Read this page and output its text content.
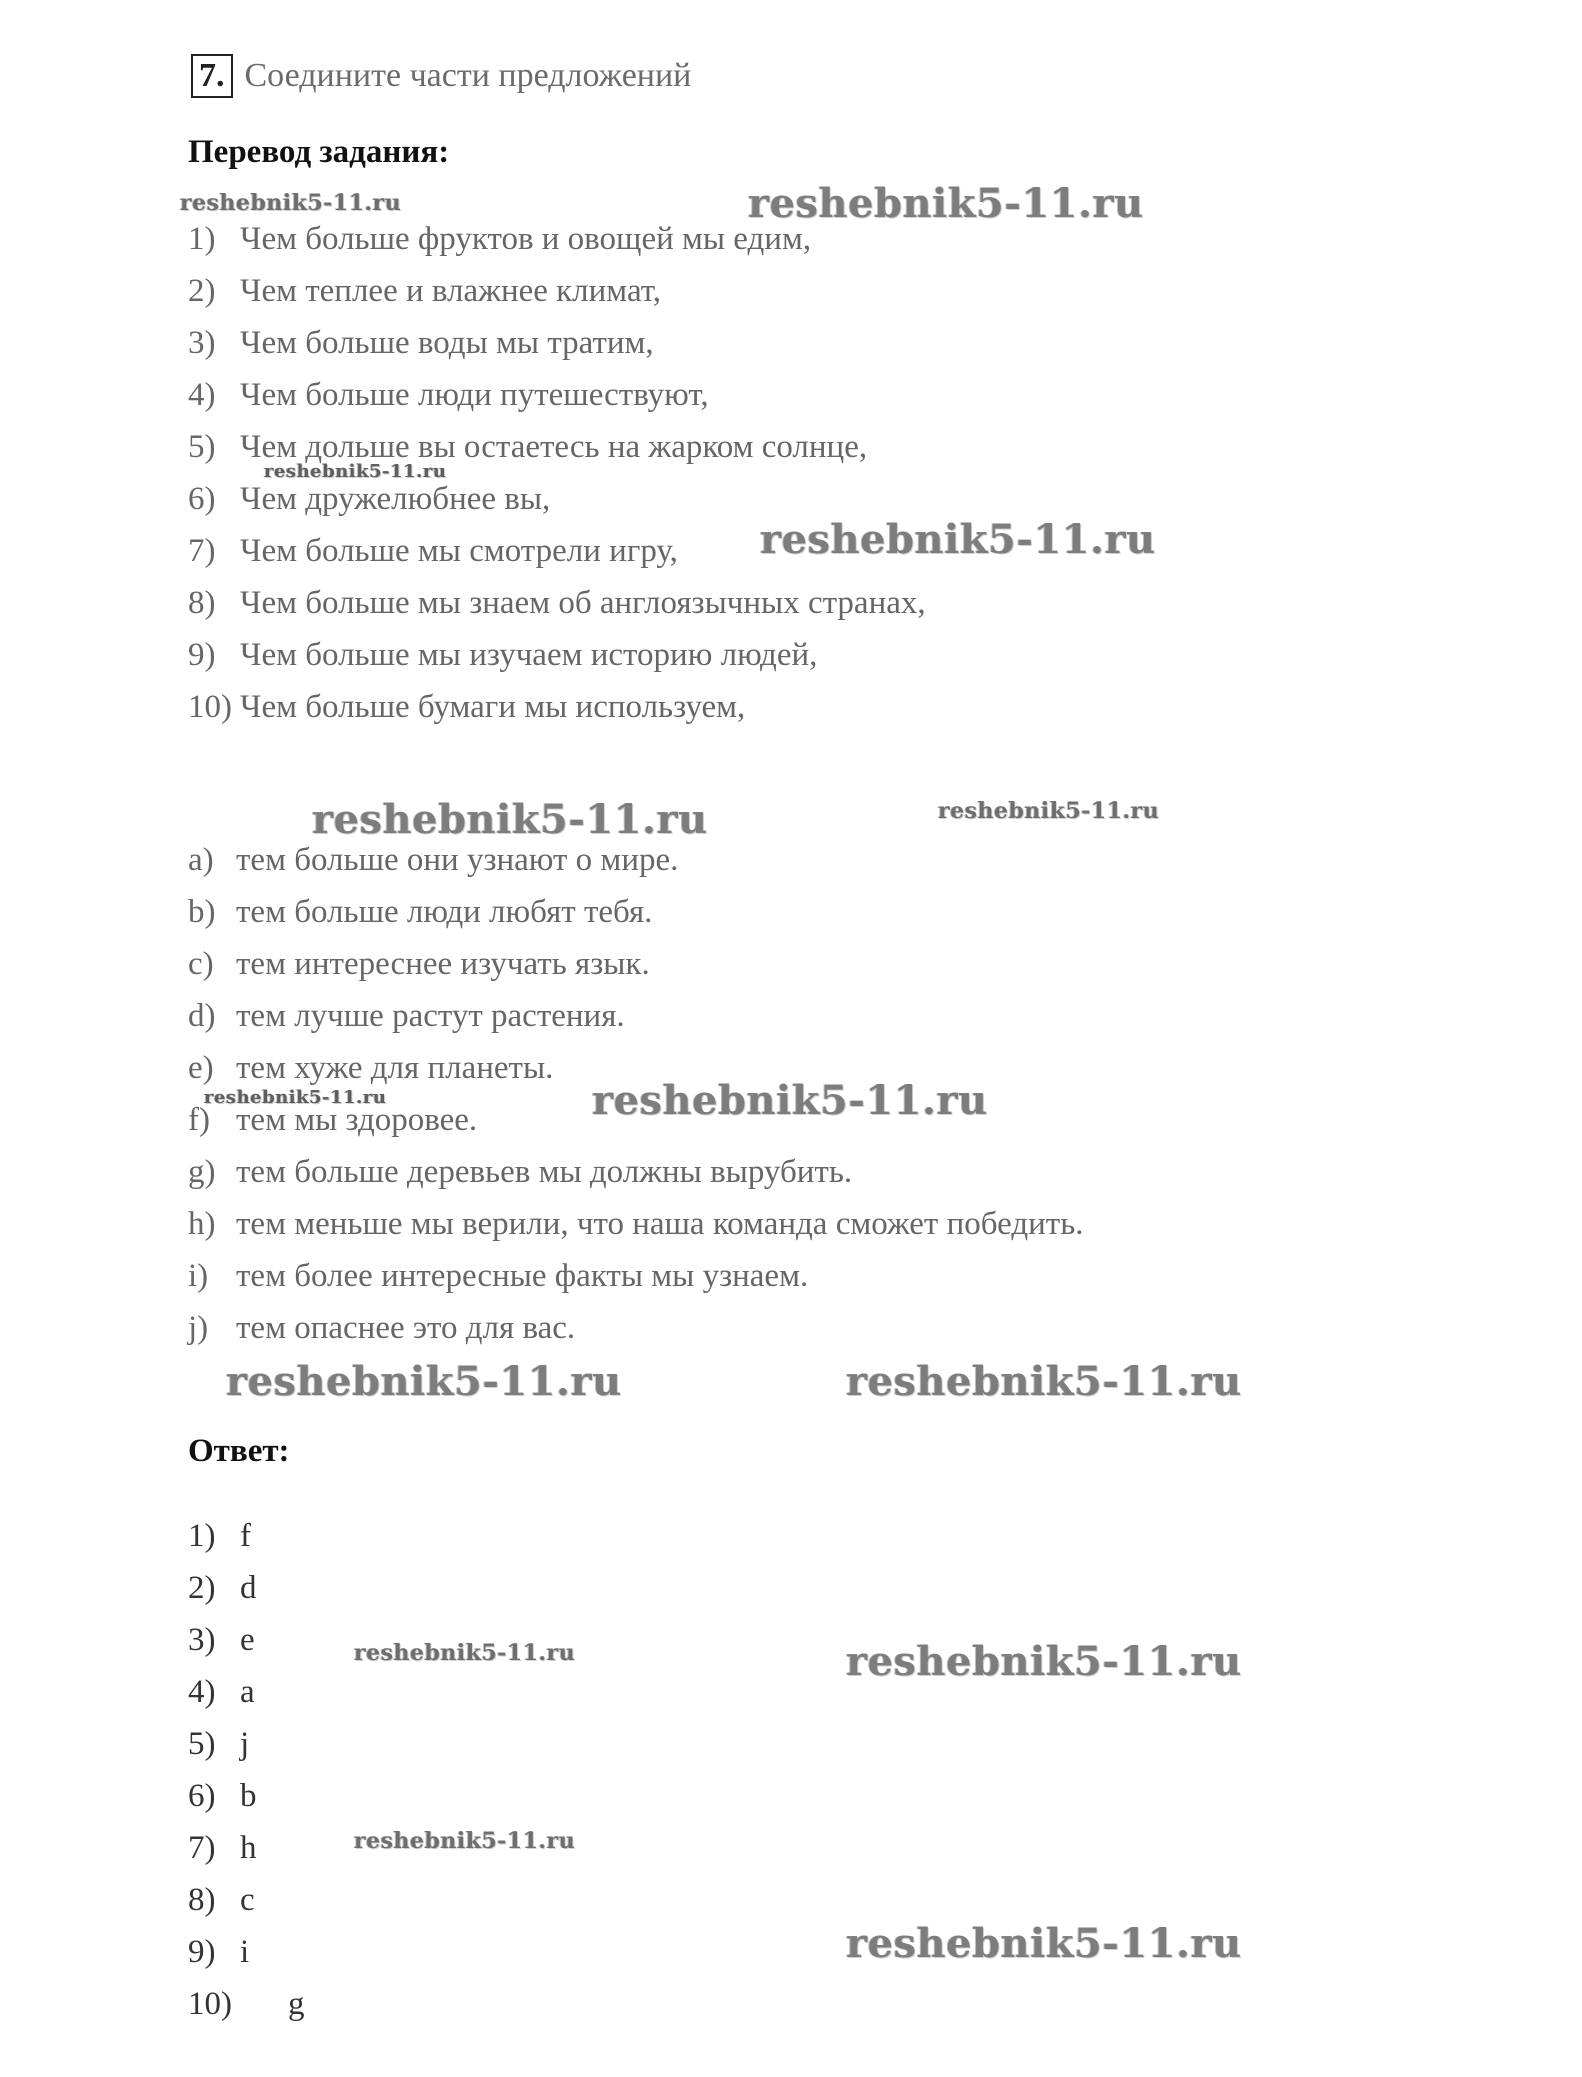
7. Соедините части предложений
Перевод задания:
1) Чем больше фруктов и овощей мы едим,
2) Чем теплее и влажнее климат,
3) Чем больше воды мы тратим,
4) Чем больше люди путешествуют,
5) Чем дольше вы остаетесь на жарком солнце,
6) Чем дружелюбнее вы,
7) Чем больше мы смотрели игру,
8) Чем больше мы знаем об англоязычных странах,
9) Чем больше мы изучаем историю людей,
10) Чем больше бумаги мы используем,
a) тем больше они узнают о мире.
b) тем больше люди любят тебя.
c) тем интереснее изучать язык.
d) тем лучше растут растения.
e) тем хуже для планеты.
f) тем мы здоровее.
g) тем больше деревьев мы должны вырубить.
h) тем меньше мы верили, что наша команда сможет победить.
i) тем более интересные факты мы узнаем.
j) тем опаснее это для вас.
Ответ:
1) f
2) d
3) e
4) a
5) j
6) b
7) h
8) c
9) i
10)	g
reshebnik5-11.ru	reshebnik5-11.ru
reshebnik5-11.ru
reshebnik5-11.ru
reshebnik5-11.ru	reshebnik5-11.ru
reshebnik5-11.ru	reshebnik5-11.ru
reshebnik5-11.ru	reshebnik5-11.ru
reshebnik5-11.ru	reshebnik5-11.ru
reshebnik5-11.ru
reshebnik5-11.ru
